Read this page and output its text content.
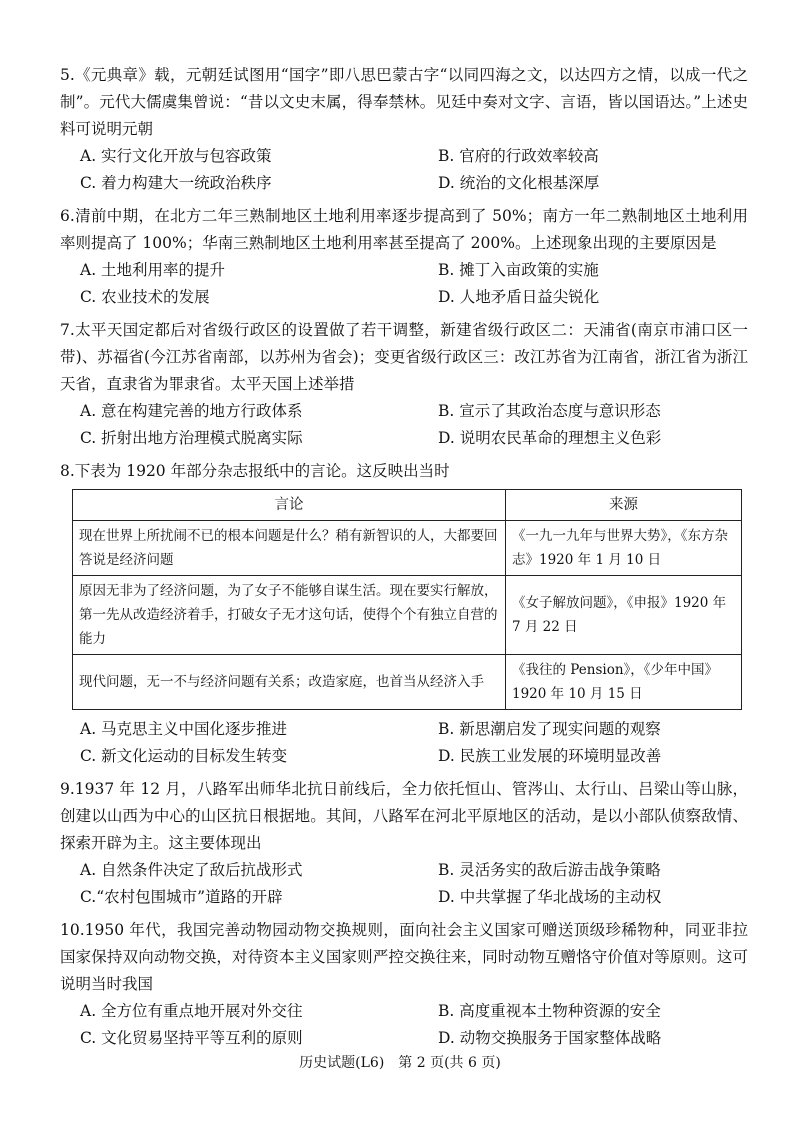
5.《元典章》载，元朝廷试图用“国字”即八思巴蒙古字“以同四海之文，以达四方之情，以成一代之制”。元代大儒虞集曾说：“昔以文史末属，得奉禁林。见廷中奏对文字、言语，皆以国语达。”上述史料可说明元朝
A. 实行文化开放与包容政策	B. 官府的行政效率较高
C. 着力构建大一统政治秩序	D. 统治的文化根基深厚
6.清前中期，在北方二年三熟制地区土地利用率逐步提高到了 50%；南方一年二熟制地区土地利用率则提高了 100%；华南三熟制地区土地利用率甚至提高了 200%。上述现象出现的主要原因是
A. 土地利用率的提升	B. 摊丁入亩政策的实施
C. 农业技术的发展	D. 人地矛盾日益尖锐化
7.太平天国定都后对省级行政区的设置做了若干调整，新建省级行政区二：天浦省(南京市浦口区一带)、苏福省(今江苏省南部，以苏州为省会)；变更省级行政区三：改江苏省为江南省，浙江省为浙江天省，直隶省为罪隶省。太平天国上述举措
A. 意在构建完善的地方行政体系	B. 宣示了其政治态度与意识形态
C. 折射出地方治理模式脱离实际	D. 说明农民革命的理想主义色彩
8.下表为 1920 年部分杂志报纸中的言论。这反映出当时
言论	来源
现在世界上所扰闹不已的根本问题是什么？稍有新智识的人，大都要回答说是经济问题	《一九一九年与世界大势》，《东方杂志》1920 年 1 月 10 日
原因无非为了经济问题，为了女子不能够自谋生活。现在要实行解放，第一先从改造经济着手，打破女子无才这句话，使得个个有独立自营的能力	《女子解放问题》，《申报》1920 年 7 月 22 日
现代问题，无一不与经济问题有关系；改造家庭，也首当从经济入手	《我往的 Pension》，《少年中国》1920 年 10 月 15 日
A. 马克思主义中国化逐步推进	B. 新思潮启发了现实问题的观察
C. 新文化运动的目标发生转变	D. 民族工业发展的环境明显改善
9.1937 年 12 月，八路军出师华北抗日前线后，全力依托恒山、管涔山、太行山、吕梁山等山脉，创建以山西为中心的山区抗日根据地。其间，八路军在河北平原地区的活动，是以小部队侦察敌情、探索开辟为主。这主要体现出
A. 自然条件决定了敌后抗战形式	B. 灵活务实的敌后游击战争策略
C.“农村包围城市”道路的开辟	D. 中共掌握了华北战场的主动权
10.1950 年代，我国完善动物园动物交换规则，面向社会主义国家可赠送顶级珍稀物种，同亚非拉国家保持双向动物交换，对待资本主义国家则严控交换往来，同时动物互赠恪守价值对等原则。这可说明当时我国
A. 全方位有重点地开展对外交往	B. 高度重视本土物种资源的安全
C. 文化贸易坚持平等互利的原则	D. 动物交换服务于国家整体战略
历史试题(L6)　第 2 页(共 6 页)
